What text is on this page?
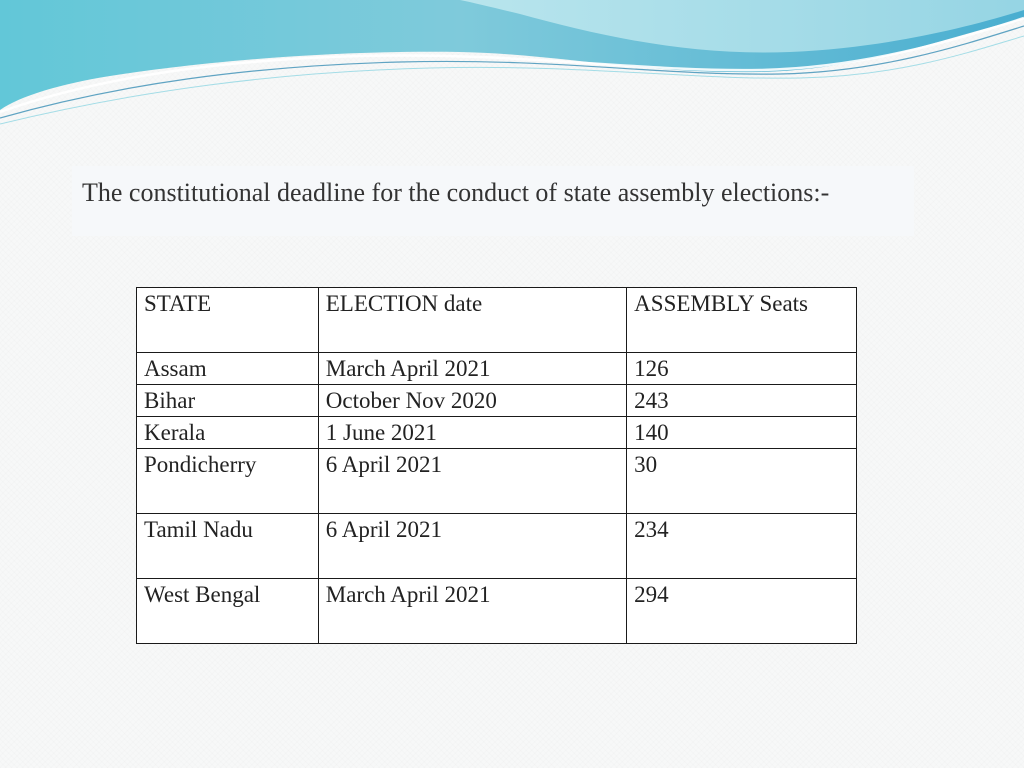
The constitutional deadline for the conduct of state assembly elections:-
STATE	ELECTION date	ASSEMBLY Seats
Assam	March April 2021	126
Bihar	October Nov 2020	243
Kerala	1 June 2021	140
Pondicherry	6 April 2021	30
Tamil Nadu	6 April 2021	234
West Bengal	March April 2021	294
